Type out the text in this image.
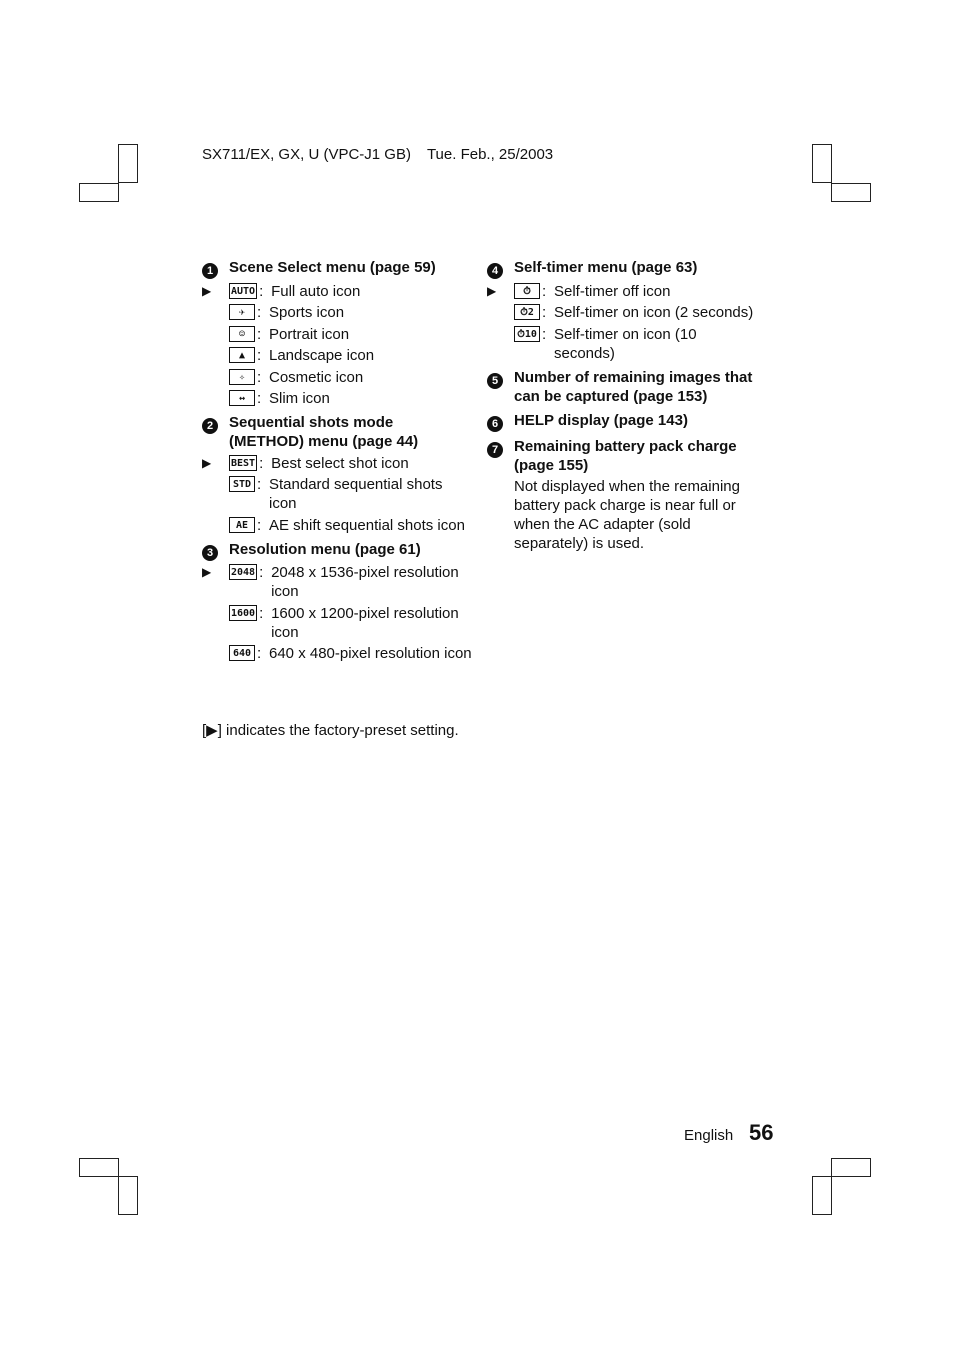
SX711/EX, GX, U (VPC-J1 GB) Tue. Feb., 25/2003
1	Scene Select menu (page 59)
▶	AUTO : Full auto icon
✈ : Sports icon
☺ : Portrait icon
▲ : Landscape icon
✧ : Cosmetic icon
↔ : Slim icon
2	Sequential shots mode (METHOD) menu (page 44)
▶	BEST : Best select shot icon
STD : Standard sequential shots icon
AE : AE shift sequential shots icon
3	Resolution menu (page 61)
▶	2048 : 2048 x 1536-pixel resolution icon
1600 : 1600 x 1200-pixel resolution icon
640 : 640 x 480-pixel resolution icon
4	Self-timer menu (page 63)
▶	⏱ : Self-timer off icon
⏱2 : Self-timer on icon (2 seconds)
⏱10 : Self-timer on icon (10 seconds)
5	Number of remaining images that can be captured (page 153)
6	HELP display (page 143)
7	Remaining battery pack charge (page 155)
Not displayed when the remaining battery pack charge is near full or when the AC adapter (sold separately) is used.
[▶] indicates the factory-preset setting.
English 56
